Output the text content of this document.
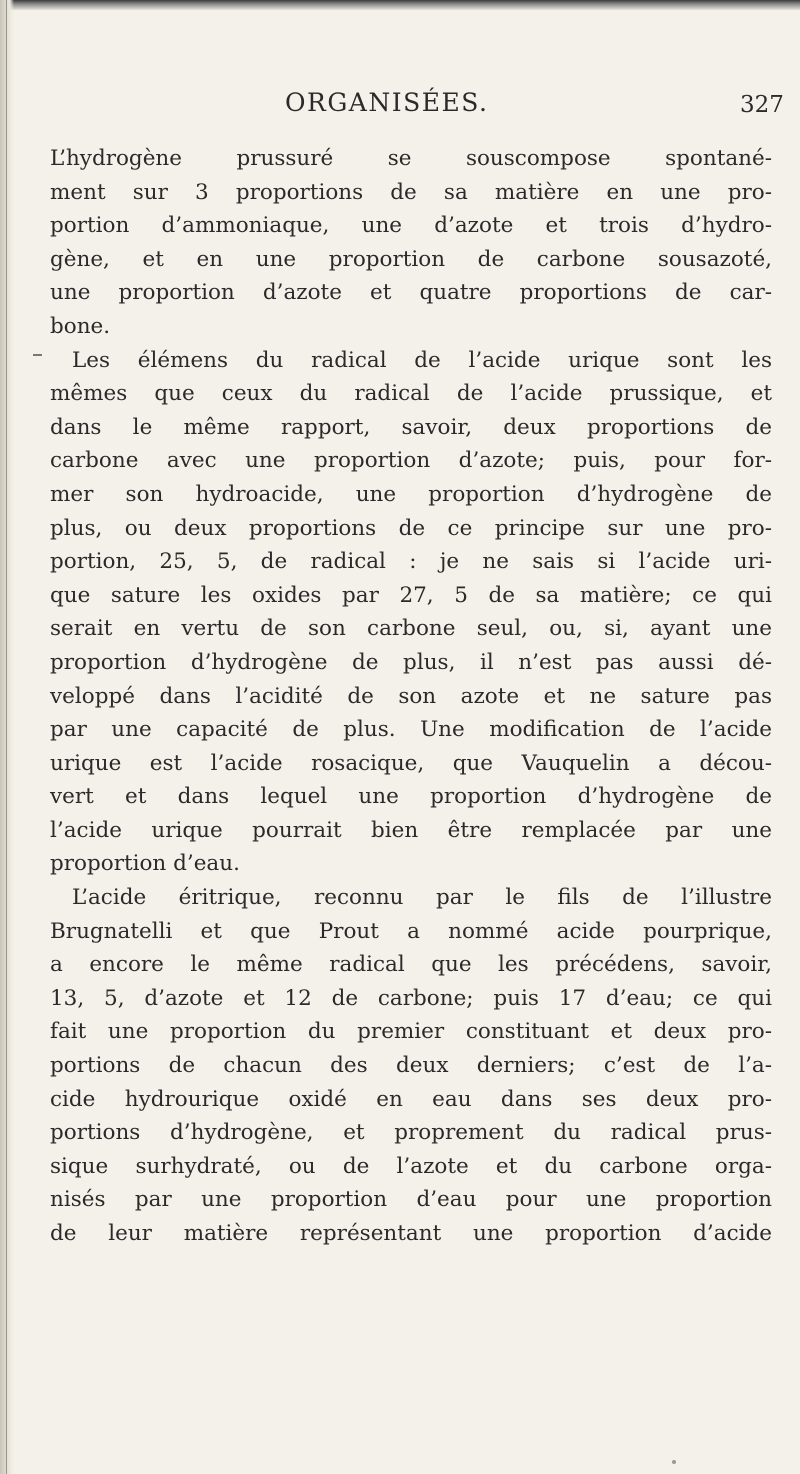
ORGANISÉES.	327
L’hydrogène prussuré se souscompose spontané-
ment sur 3 proportions de sa matière en une pro-
portion d’ammoniaque, une d’azote et trois d’hydro-
gène, et en une proportion de carbone sousazoté,
une proportion d’azote et quatre proportions de car-
bone.
Les élémens du radical de l’acide urique sont les
mêmes que ceux du radical de l’acide prussique, et
dans le même rapport, savoir, deux proportions de
carbone avec une proportion d’azote; puis, pour for-
mer son hydroacide, une proportion d’hydrogène de
plus, ou deux proportions de ce principe sur une pro-
portion, 25, 5, de radical : je ne sais si l’acide uri-
que sature les oxides par 27, 5 de sa matière; ce qui
serait en vertu de son carbone seul, ou, si, ayant une
proportion d’hydrogène de plus, il n’est pas aussi dé-
veloppé dans l’acidité de son azote et ne sature pas
par une capacité de plus. Une modification de l’acide
urique est l’acide rosacique, que Vauquelin a décou-
vert et dans lequel une proportion d’hydrogène de
l’acide urique pourrait bien être remplacée par une
proportion d’eau.
L’acide éritrique, reconnu par le fils de l’illustre
Brugnatelli et que Prout a nommé acide pourprique,
a encore le même radical que les précédens, savoir,
13, 5, d’azote et 12 de carbone; puis 17 d’eau; ce qui
fait une proportion du premier constituant et deux pro-
portions de chacun des deux derniers; c’est de l’a-
cide hydrourique oxidé en eau dans ses deux pro-
portions d’hydrogène, et proprement du radical prus-
sique surhydraté, ou de l’azote et du carbone orga-
nisés par une proportion d’eau pour une proportion
de leur matière représentant une proportion d’acide
